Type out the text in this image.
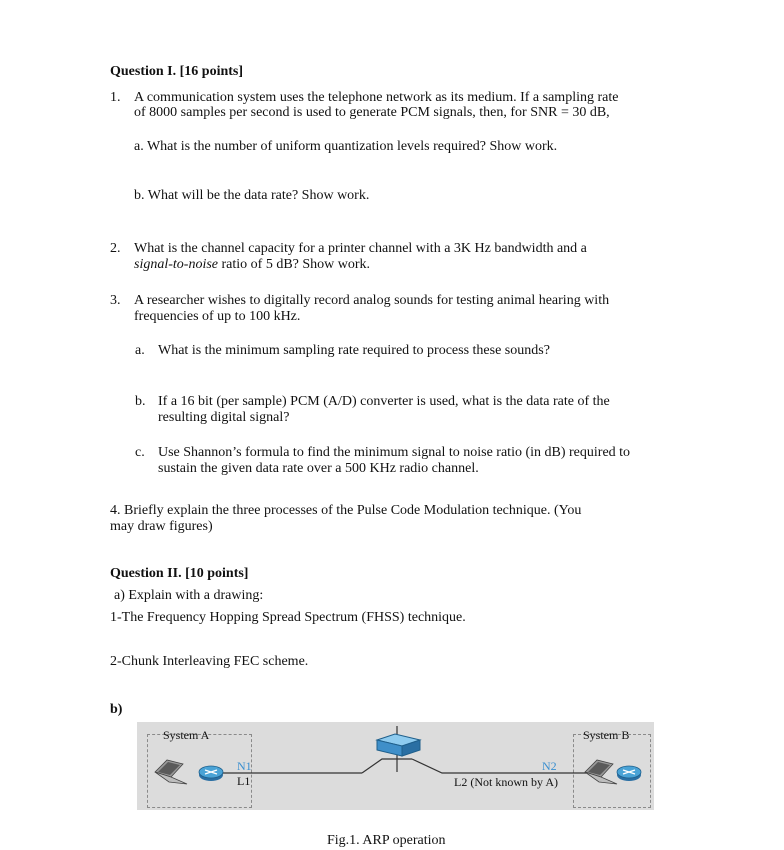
Question I. [16 points]
1. A communication system uses the telephone network as its medium. If a sampling rate
of 8000 samples per second is used to generate PCM signals, then, for SNR = 30 dB,
a. What is the number of uniform quantization levels required? Show work.
b. What will be the data rate? Show work.
2. What is the channel capacity for a printer channel with a 3K Hz bandwidth and a
signal-to-noise ratio of 5 dB? Show work.
3. A researcher wishes to digitally record analog sounds for testing animal hearing with
frequencies of up to 100 kHz.
a. What is the minimum sampling rate required to process these sounds?
b. If a 16 bit (per sample) PCM (A/D) converter is used, what is the data rate of the
resulting digital signal?
c. Use Shannon’s formula to find the minimum signal to noise ratio (in dB) required to
sustain the given data rate over a 500 KHz radio channel.
4. Briefly explain the three processes of the Pulse Code Modulation technique. (You
may draw figures)
Question II. [10 points]
a) Explain with a drawing:
1-The Frequency Hopping Spread Spectrum (FHSS) technique.
2-Chunk Interleaving FEC scheme.
b)
System A	System B
N1
L1
N2
L2 (Not known by A)
Fig.1. ARP operation
